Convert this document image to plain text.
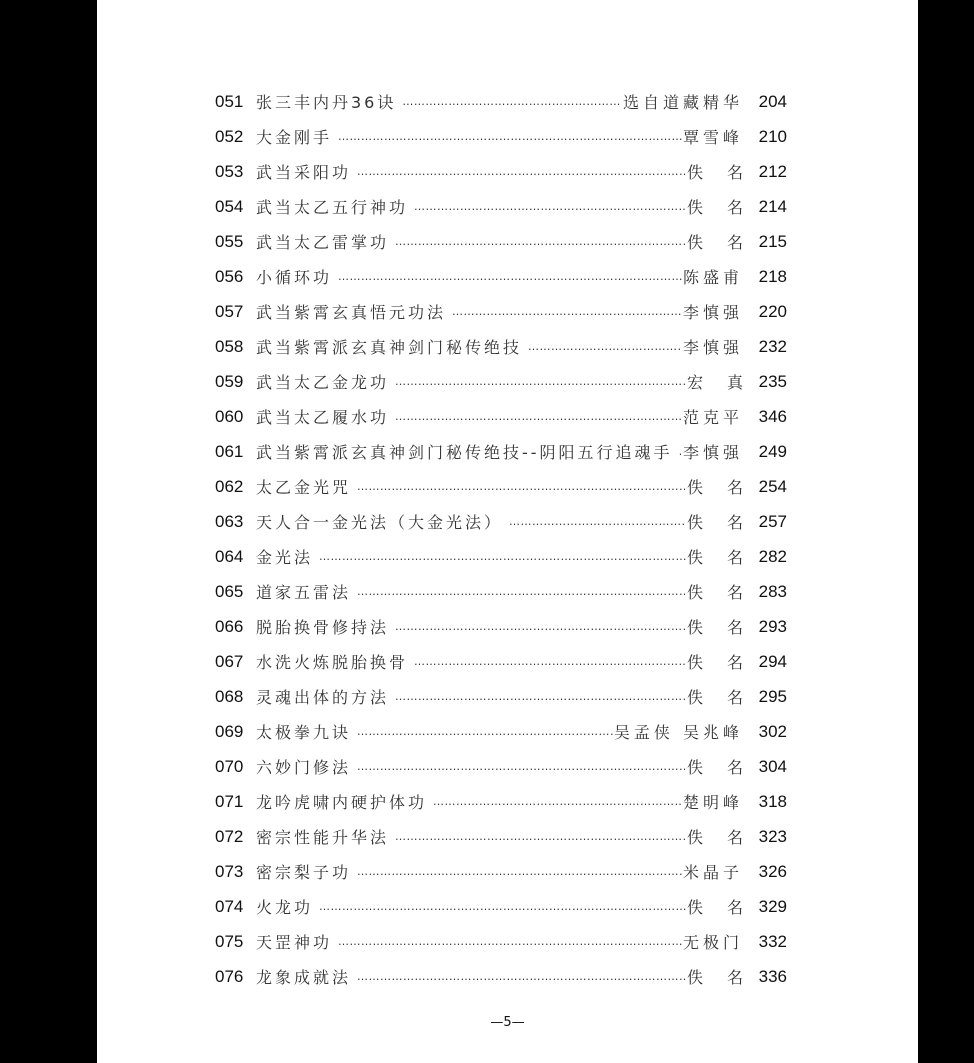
051 张三丰内丹36诀 ………………………………………………………………………………………………………………………………………………………………………	选自道藏精华 204
052 大金刚手 ………………………………………………………………………………………………………………………………………………………………………	覃雪峰 210
053 武当采阳功 ………………………………………………………………………………………………………………………………………………………………………	佚 名 212
054 武当太乙五行神功 ………………………………………………………………………………………………………………………………………………………………………	佚 名 214
055 武当太乙雷掌功 ………………………………………………………………………………………………………………………………………………………………………	佚 名 215
056 小循环功 ………………………………………………………………………………………………………………………………………………………………………	陈盛甫 218
057 武当紫霄玄真悟元功法 ………………………………………………………………………………………………………………………………………………………………………	李慎强 220
058 武当紫霄派玄真神剑门秘传绝技 ………………………………………………………………………………………………………………………………………………………………………	李慎强 232
059 武当太乙金龙功 ………………………………………………………………………………………………………………………………………………………………………	宏 真 235
060 武当太乙履水功 ………………………………………………………………………………………………………………………………………………………………………	范克平 346
061 武当紫霄派玄真神剑门秘传绝技--阴阳五行追魂手 ……………………………………………………………………………………………………………………………………………………………………… 李慎强 249
062 太乙金光咒 ………………………………………………………………………………………………………………………………………………………………………	佚 名 254
063 天人合一金光法（大金光法） ………………………………………………………………………………………………………………………………………………………………………	佚 名 257
064 金光法 ………………………………………………………………………………………………………………………………………………………………………	佚 名 282
065 道家五雷法 ………………………………………………………………………………………………………………………………………………………………………	佚 名 283
066 脱胎换骨修持法 ………………………………………………………………………………………………………………………………………………………………………	佚 名 293
067 水洗火炼脱胎换骨 ………………………………………………………………………………………………………………………………………………………………………	佚 名 294
068 灵魂出体的方法 ………………………………………………………………………………………………………………………………………………………………………	佚 名 295
069 太极拳九诀 ………………………………………………………………………………………………………………………………………………………………………	吴孟侠 吴兆峰 302
070 六妙门修法 ………………………………………………………………………………………………………………………………………………………………………	佚 名 304
071 龙吟虎啸内硬护体功 ………………………………………………………………………………………………………………………………………………………………………	楚明峰 318
072 密宗性能升华法 ………………………………………………………………………………………………………………………………………………………………………	佚 名 323
073 密宗梨子功 ………………………………………………………………………………………………………………………………………………………………………	米晶子 326
074 火龙功 ………………………………………………………………………………………………………………………………………………………………………	佚 名 329
075 天罡神功 ………………………………………………………………………………………………………………………………………………………………………	无极门 332
076 龙象成就法 ………………………………………………………………………………………………………………………………………………………………………	佚 名 336
—5—
